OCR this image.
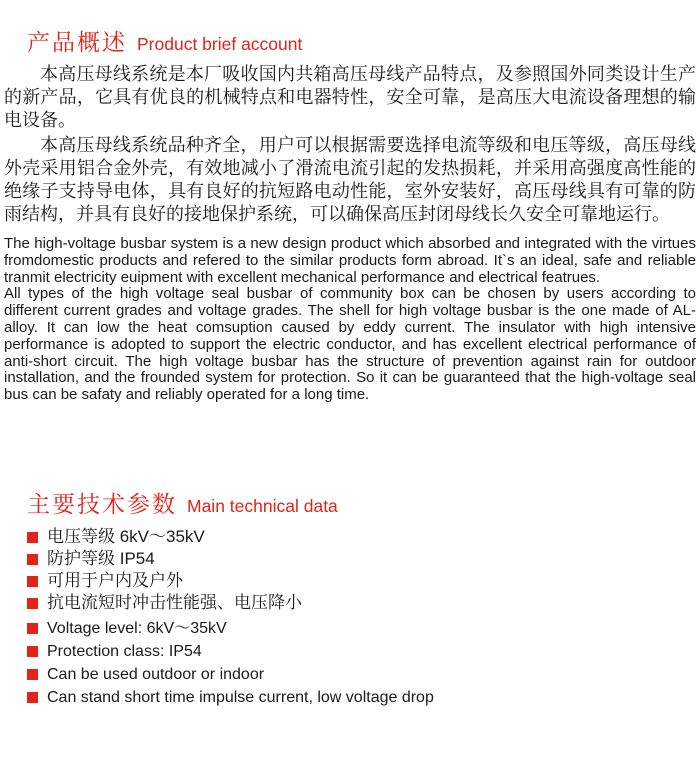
产品概述 Product brief account

本高压母线系统是本厂吸收国内共箱高压母线产品特点，及参照国外同类设计生产的新产品，它具有优良的机械特点和电器特性，安全可靠，是高压大电流设备理想的输电设备。

本高压母线系统品种齐全，用户可以根据需要选择电流等级和电压等级，高压母线外壳采用铝合金外壳，有效地减小了滑流电流引起的发热损耗，并采用高强度高性能的绝缘子支持导电体，具有良好的抗短路电动性能，室外安装好，高压母线具有可靠的防雨结构，并具有良好的接地保护系统，可以确保高压封闭母线长久安全可靠地运行。

The high-voltage busbar system is a new design product which absorbed and integrated with the virtues fromdomestic products and refered to the similar products form abroad. It`s an ideal, safe and reliable tranmit electricity euipment with excellent mechanical performance and electrical featrues.

All types of the high voltage seal busbar of community box can be chosen by users according to different current grades and voltage grades. The shell for high voltage busbar is the one made of AL-alloy. It can low the heat comsuption caused by eddy current. The insulator with high intensive performance is adopted to support the electric conductor, and has excellent electrical performance of anti-short circuit. The high voltage busbar has the structure of prevention against rain for outdoor installation, and the frounded system for protection. So it can be guaranteed that the high-voltage seal bus can be safaty and reliably operated for a long time.

主要技术参数 Main technical data
电压等级 6kV～35kV
防护等级 IP54
可用于户内及户外
抗电流短时冲击性能强、电压降小
Voltage level: 6kV～35kV
Protection class: IP54
Can be used outdoor or indoor
Can stand short time impulse current, low voltage drop
